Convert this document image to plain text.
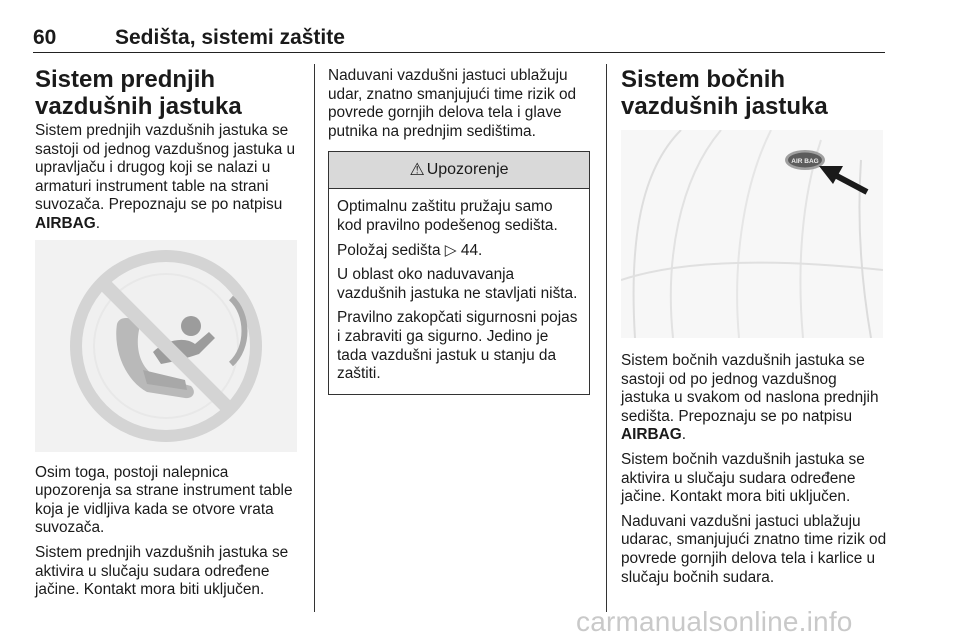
60	Sedišta, sistemi zaštite
Sistem prednjih vazdušnih jastuka

Sistem prednjih vazdušnih jastuka se sastoji od jednog vazdušnog jastuka u upravljaču i drugog koji se nalazi u armaturi instrument table na strani suvozača. Prepoznaju se po natpisu AIRBAG.

Osim toga, postoji nalepnica upozorenja sa strane instrument table koja je vidljiva kada se otvore vrata suvozača.

Sistem prednjih vazdušnih jastuka se aktivira u slučaju sudara određene jačine. Kontakt mora biti uključen.

Naduvani vazdušni jastuci ublažuju udar, znatno smanjujući time rizik od povrede gornjih delova tela i glave putnika na prednjim sedištima.

⚠ Upozorenje

Optimalnu zaštitu pružaju samo kod pravilno podešenog sedišta.

Položaj sedišta ▷ 44.

U oblast oko naduvavanja vazdušnih jastuka ne stavljati ništa.

Pravilno zakopčati sigurnosni pojas i zabraviti ga sigurno. Jedino je tada vazdušni jastuk u stanju da zaštiti.

Sistem bočnih vazdušnih jastuka
AIR BAG

Sistem bočnih vazdušnih jastuka se sastoji od po jednog vazdušnog jastuka u svakom od naslona prednjih sedišta. Prepoznaju se po natpisu AIRBAG.

Sistem bočnih vazdušnih jastuka se aktivira u slučaju sudara određene jačine. Kontakt mora biti uključen.

Naduvani vazdušni jastuci ublažuju udarac, smanjujući znatno time rizik od povrede gornjih delova tela i karlice u slučaju bočnih sudara.

carmanualsonline.info
